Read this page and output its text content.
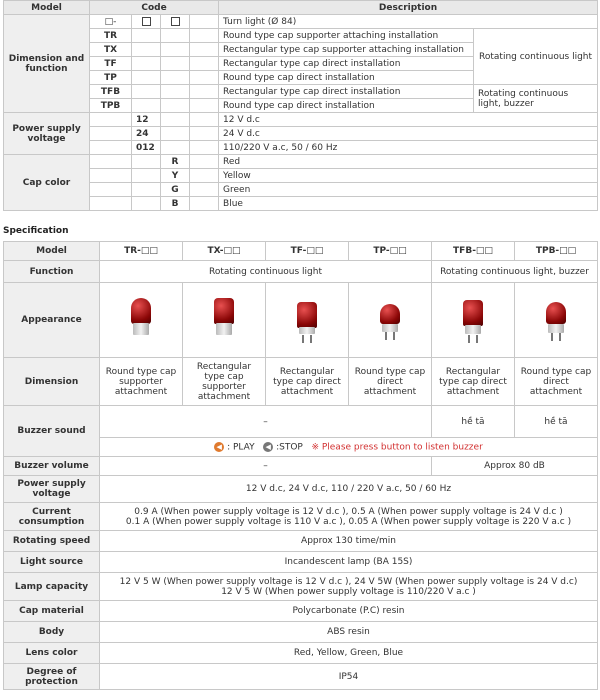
Model	Code				Description	
Dimension and function	□-				Turn light (Ø 84)	
	TR				Round type cap supporter attaching installation	Rotating continuous light
	TX				Rectangular type cap supporter attaching installation	
	TF				Rectangular type cap direct installation	
	TP				Round type cap direct installation	
	TFB				Rectangular type cap direct installation	Rotating continuous light, buzzer
	TPB				Round type cap direct installation	
Power supply voltage		12			12 V d.c	
		24			24 V d.c	
		012			110/220 V a.c, 50 / 60 Hz	
Cap color			R		Red	
			Y		Yellow	
			G		Green	
			B		Blue	
Specification
Model	TR-□□	TX-□□	TF-□□	TP-□□	TFB-□□	TPB-□□
Function	Rotating continuous light				Rotating continuous light, buzzer	
Appearance	

Dimension	Round type cap supporter attachment	Rectangular type cap supporter attachment	Rectangular type cap direct attachment	Round type cap direct attachment	Rectangular type cap direct attachment	Round type cap direct attachment
Buzzer sound	–				hề tā	hề tā
	◀ : PLAY ◀ :STOP ※ Please press button to listen buzzer					
Buzzer volume	–				Approx 80 dB	
Power supply voltage	12 V d.c, 24 V d.c, 110 / 220 V a.c, 50 / 60 Hz					
Current consumption	0.9 A (When power supply voltage is 12 V d.c ), 0.5 A (When power supply voltage is 24 V d.c )
0.1 A (When power supply voltage is 110 V a.c ), 0.05 A (When power supply voltage is 220 V a.c )					

Rotating speed	Approx 130 time/min					
Light source	Incandescent lamp (BA 15S)					
Lamp capacity	12 V 5 W (When power supply voltage is 12 V d.c ), 24 V 5W (When power supply voltage is 24 V d.c)
12 V 5 W (When power supply voltage is 110/220 V a.c )					

Cap material	Polycarbonate (P.C) resin					
Body	ABS resin					
Lens color	Red, Yellow, Green, Blue					
Degree of protection	IP54					
